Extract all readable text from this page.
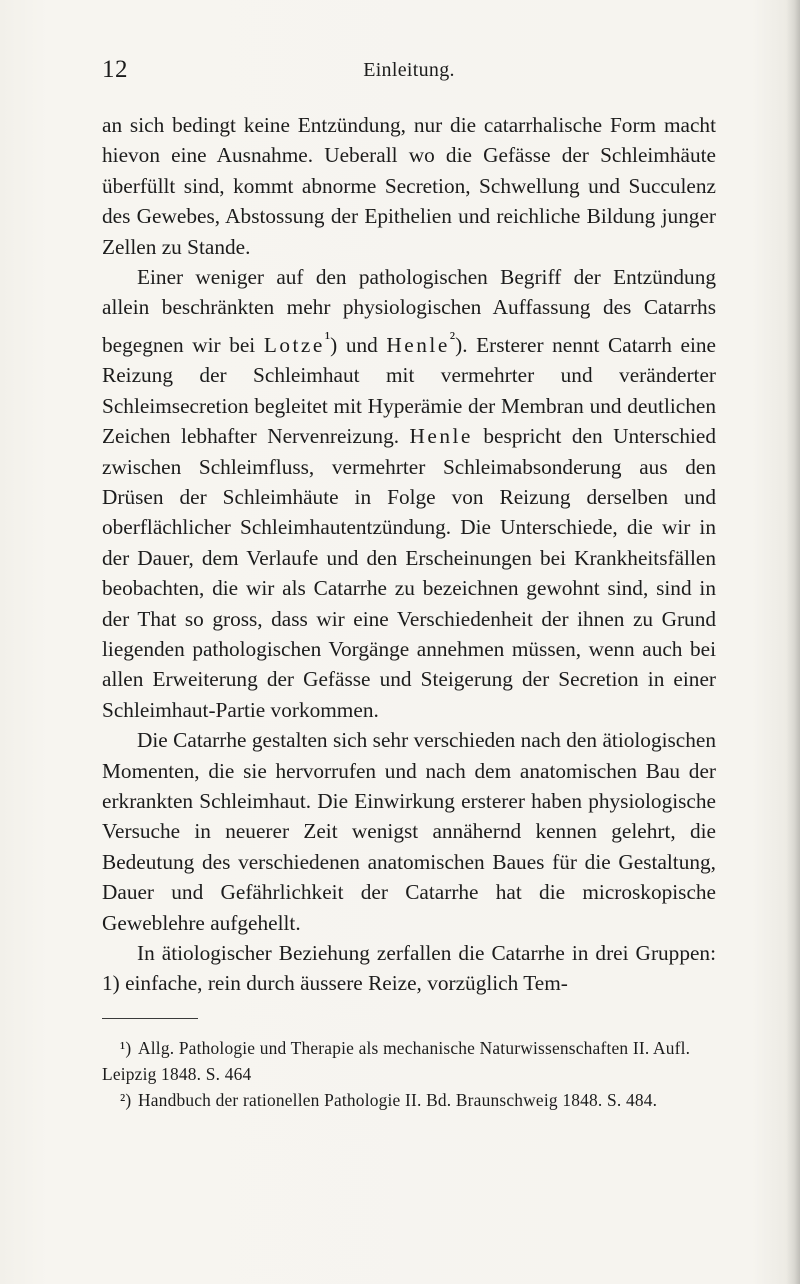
12	Einleitung.

an sich bedingt keine Entzündung, nur die catarrhalische Form macht hievon eine Ausnahme. Ueberall wo die Gefässe der Schleimhäute überfüllt sind, kommt abnorme Secretion, Schwellung und Succulenz des Gewebes, Abstossung der Epithelien und reichliche Bildung junger Zellen zu Stande.

Einer weniger auf den pathologischen Begriff der Entzündung allein beschränkten mehr physiologischen Auffassung des Catarrhs begegnen wir bei Lotze$^{^1}$) und Henle$^{^2}$). Ersterer nennt Catarrh eine Reizung der Schleimhaut mit vermehrter und veränderter Schleimsecretion begleitet mit Hyperämie der Membran und deutlichen Zeichen lebhafter Nervenreizung. Henle bespricht den Unterschied zwischen Schleimfluss, vermehrter Schleimabsonderung aus den Drüsen der Schleimhäute in Folge von Reizung derselben und oberflächlicher Schleimhautentzündung. Die Unterschiede, die wir in der Dauer, dem Verlaufe und den Erscheinungen bei Krankheitsfällen beobachten, die wir als Catarrhe zu bezeichnen gewohnt sind, sind in der That so gross, dass wir eine Verschiedenheit der ihnen zu Grund liegenden pathologischen Vorgänge annehmen müssen, wenn auch bei allen Erweiterung der Gefässe und Steigerung der Secretion in einer Schleimhaut-Partie vorkommen.

Die Catarrhe gestalten sich sehr verschieden nach den ätiologischen Momenten, die sie hervorrufen und nach dem anatomischen Bau der erkrankten Schleimhaut. Die Einwirkung ersterer haben physiologische Versuche in neuerer Zeit wenigst annähernd kennen gelehrt, die Bedeutung des verschiedenen anatomischen Baues für die Gestaltung, Dauer und Gefährlichkeit der Catarrhe hat die microskopische Geweblehre aufgehellt.

In ätiologischer Beziehung zerfallen die Catarrhe in drei Gruppen: 1) einfache, rein durch äussere Reize, vorzüglich Tem-

¹) Allg. Pathologie und Therapie als mechanische Naturwissenschaften II. Aufl. Leipzig 1848. S. 464

²) Handbuch der rationellen Pathologie II. Bd. Braunschweig 1848. S. 484.
